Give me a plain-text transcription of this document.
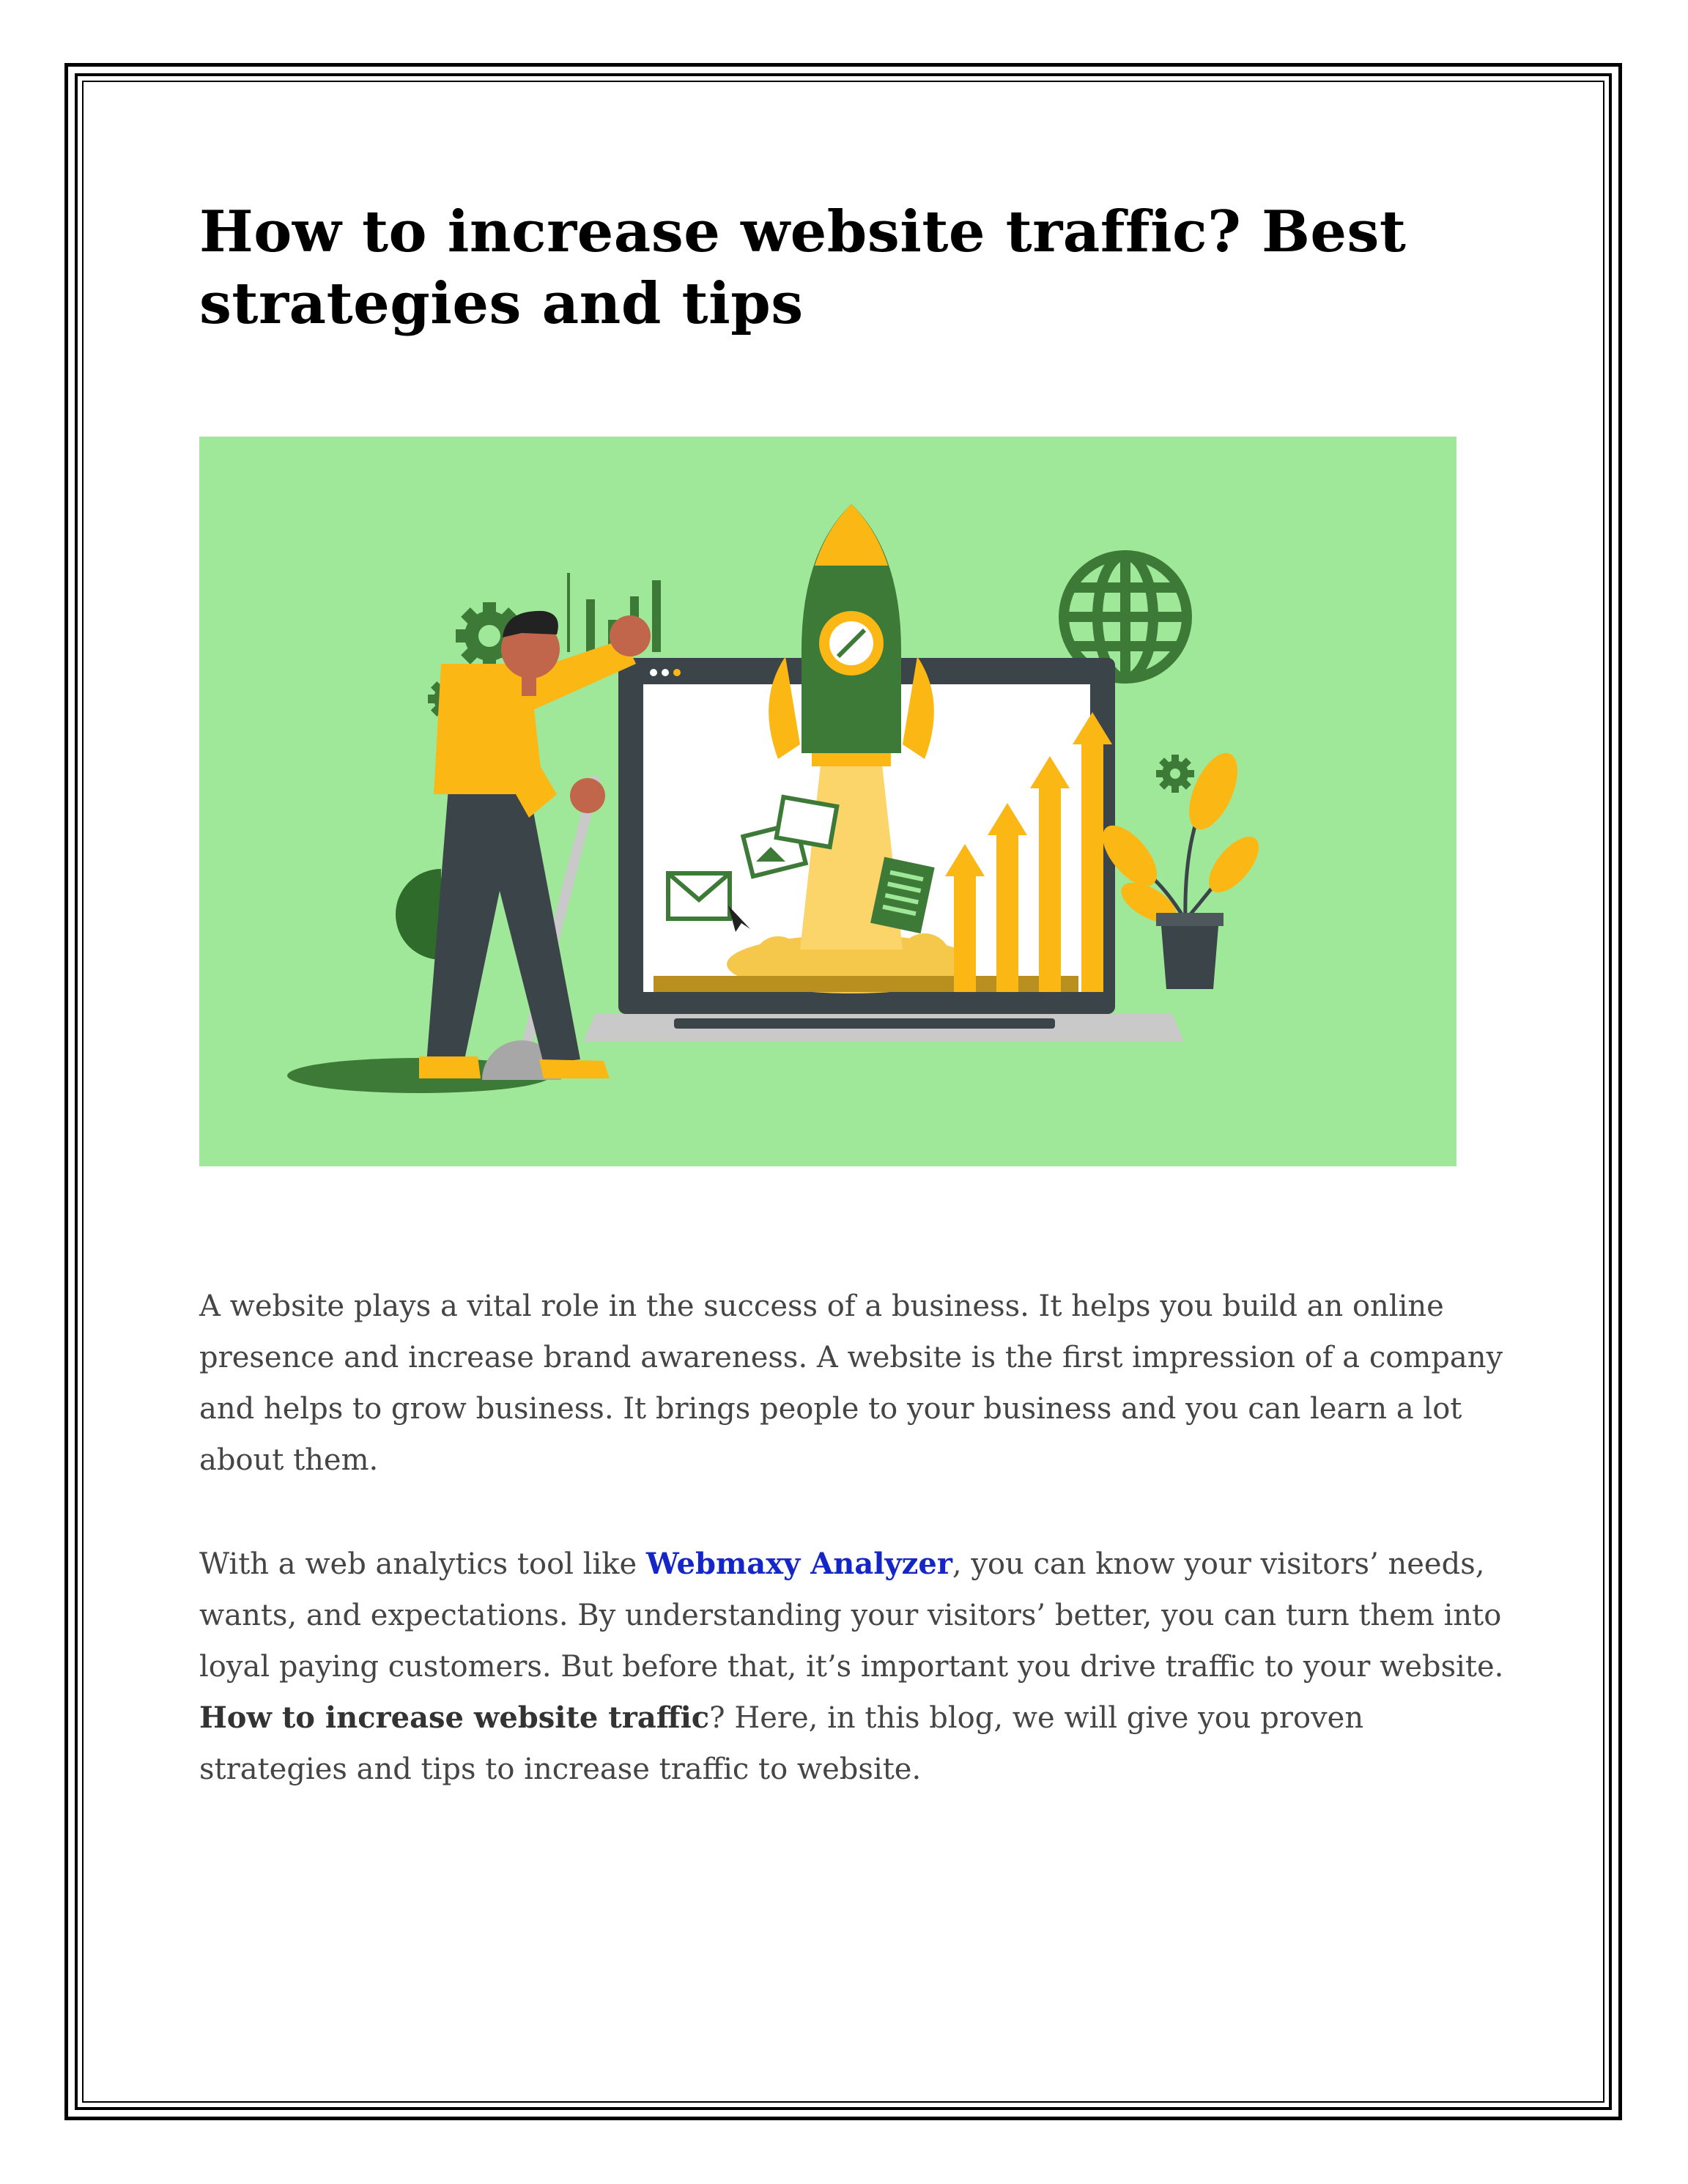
How to increase website traffic? Best
strategies and tips
A website plays a vital role in the success of a business. It helps you build an online
presence and increase brand awareness. A website is the first impression of a company
and helps to grow business. It brings people to your business and you can learn a lot
about them.
With a web analytics tool like Webmaxy Analyzer, you can know your visitors’ needs,
wants, and expectations. By understanding your visitors’ better, you can turn them into
loyal paying customers. But before that, it’s important you drive traffic to your website.
How to increase website traffic? Here, in this blog, we will give you proven
strategies and tips to increase traffic to website.
